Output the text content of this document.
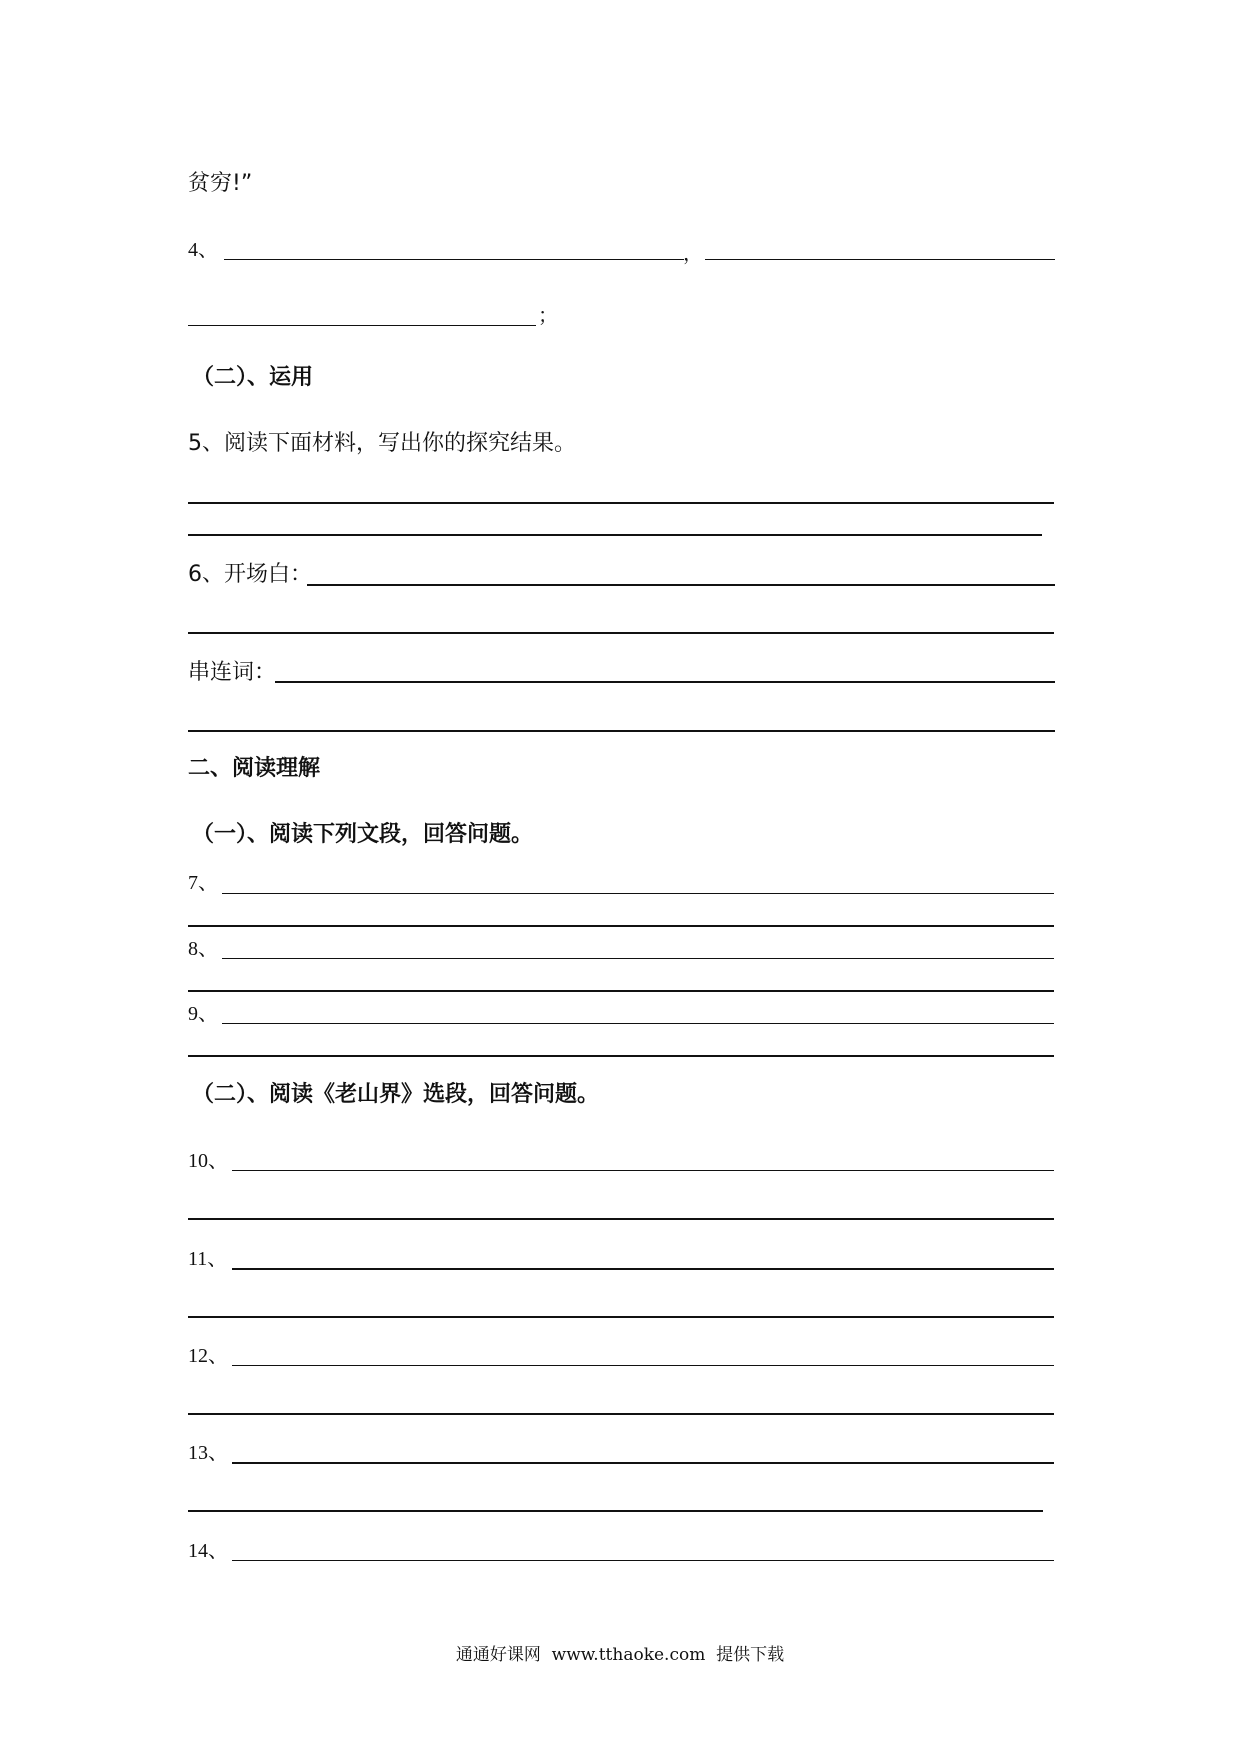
贫穷!”
4、	，
；
（二）、运用
5、阅读下面材料，写出你的探究结果。
6、开场白：
串连词：
二、阅读理解
（一）、阅读下列文段，回答问题。
7、
8、
9、
（二）、阅读《老山界》选段，回答问题。
10、
11、
12、
13、
14、
通通好课网  www.tthaoke.com  提供下载
